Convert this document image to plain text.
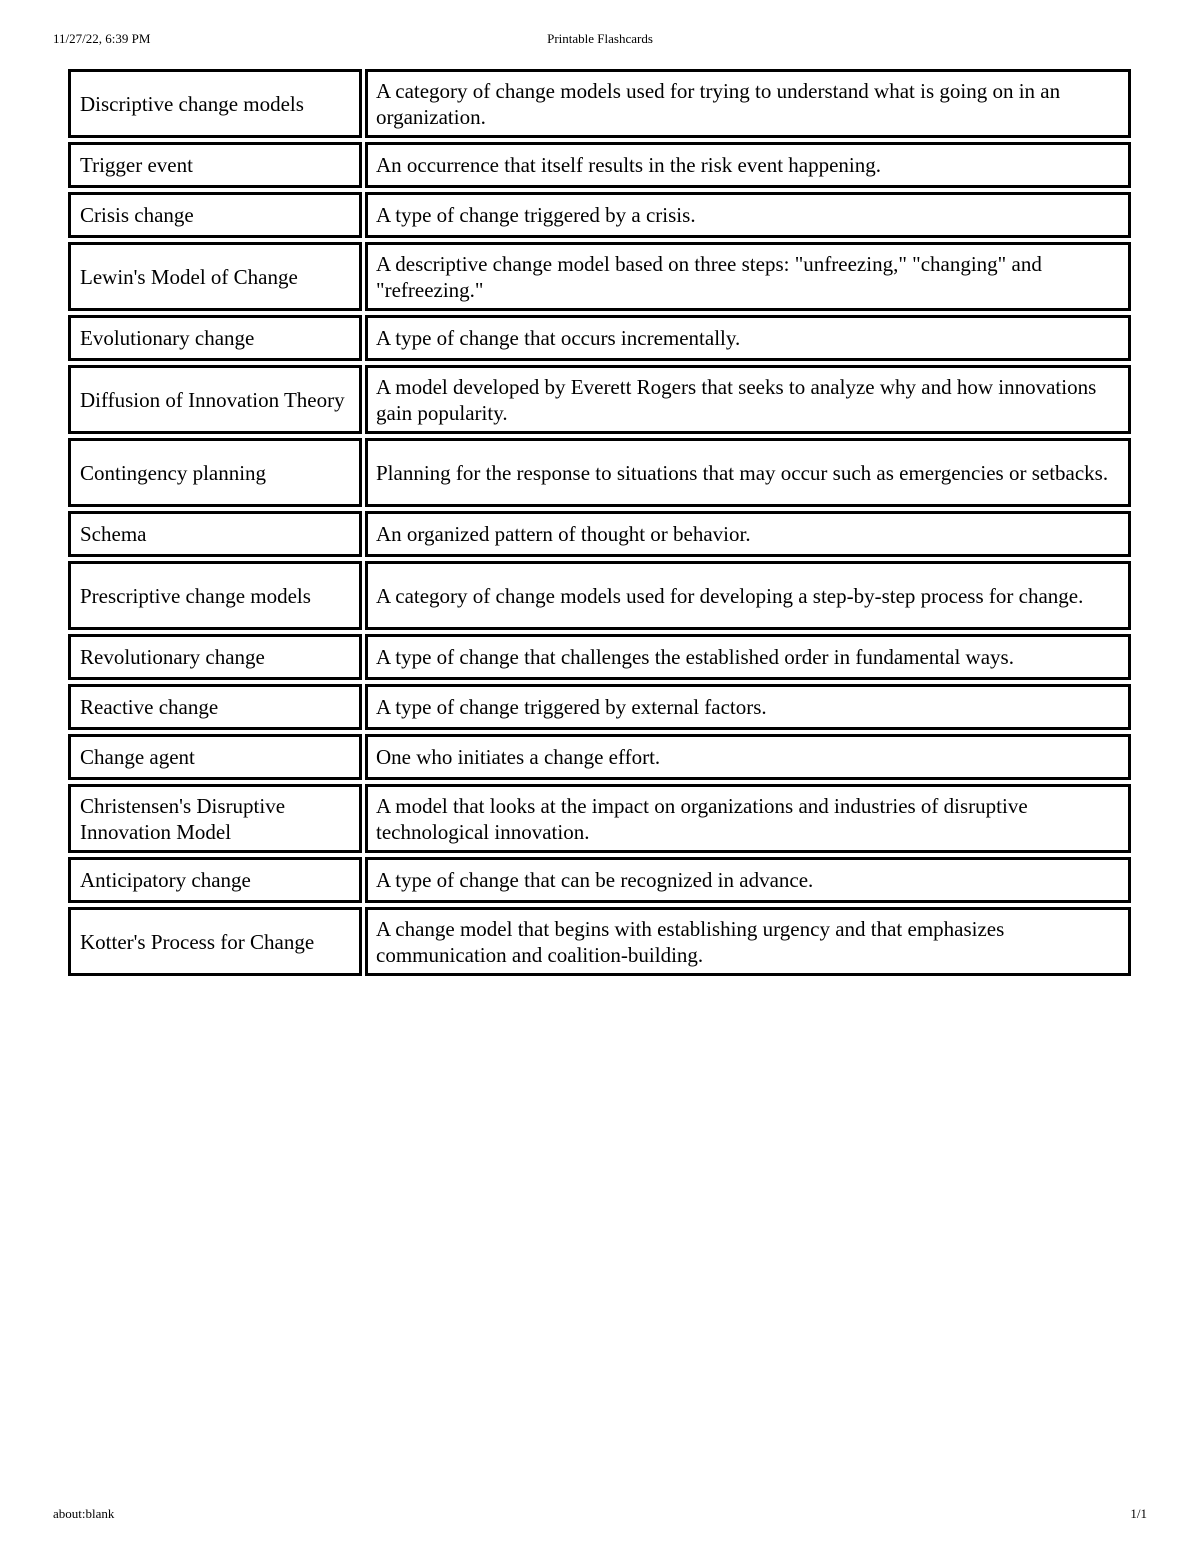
11/27/22, 6:39 PM	Printable Flashcards
Discriptive change models	A category of change models used for trying to understand what is going on in an organization.
Trigger event	An occurrence that itself results in the risk event happening.
Crisis change	A type of change triggered by a crisis.
Lewin's Model of Change	A descriptive change model based on three steps: "unfreezing," "changing" and "refreezing."
Evolutionary change	A type of change that occurs incrementally.
Diffusion of Innovation Theory	A model developed by Everett Rogers that seeks to analyze why and how innovations gain popularity.
Contingency planning	Planning for the response to situations that may occur such as emergencies or setbacks.
Schema	An organized pattern of thought or behavior.
Prescriptive change models	A category of change models used for developing a step-by-step process for change.
Revolutionary change	A type of change that challenges the established order in fundamental ways.
Reactive change	A type of change triggered by external factors.
Change agent	One who initiates a change effort.
Christensen's Disruptive Innovation Model	A model that looks at the impact on organizations and industries of disruptive technological innovation.
Anticipatory change	A type of change that can be recognized in advance.
Kotter's Process for Change	A change model that begins with establishing urgency and that emphasizes communication and coalition-building.
about:blank	1/1
